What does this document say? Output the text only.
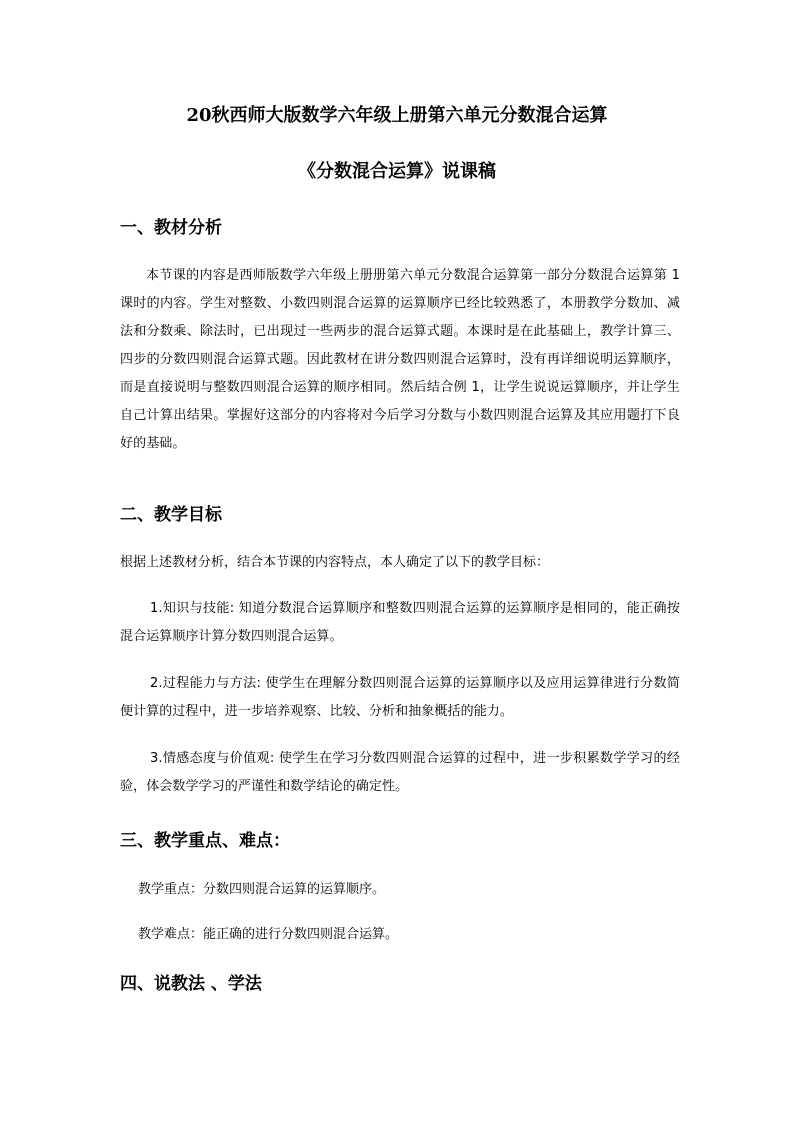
20秋西师大版数学六年级上册第六单元分数混合运算
《分数混合运算》说课稿
一、教材分析
本节课的内容是西师版数学六年级上册册第六单元分数混合运算第一部分分数混合运算第 1 课时的内容。学生对整数、小数四则混合运算的运算顺序已经比较熟悉了，本册教学分数加、减法和分数乘、除法时，已出现过一些两步的混合运算式题。本课时是在此基础上，教学计算三、四步的分数四则混合运算式题。因此教材在讲分数四则混合运算时，没有再详细说明运算顺序，而是直接说明与整数四则混合运算的顺序相同。然后结合例 1，让学生说说运算顺序，并让学生自己计算出结果。掌握好这部分的内容将对今后学习分数与小数四则混合运算及其应用题打下良好的基础。
二、教学目标
根据上述教材分析，结合本节课的内容特点，本人确定了以下的教学目标：
1.知识与技能: 知道分数混合运算顺序和整数四则混合运算的运算顺序是相同的，能正确按混合运算顺序计算分数四则混合运算。
2.过程能力与方法: 使学生在理解分数四则混合运算的运算顺序以及应用运算律进行分数简便计算的过程中，进一步培养观察、比较、分析和抽象概括的能力。
3.情感态度与价值观: 使学生在学习分数四则混合运算的过程中，进一步积累数学学习的经验，体会数学学习的严谨性和数学结论的确定性。
三、教学重点、难点：
教学重点：分数四则混合运算的运算顺序。
教学难点：能正确的进行分数四则混合运算。
四、说教法 、学法
